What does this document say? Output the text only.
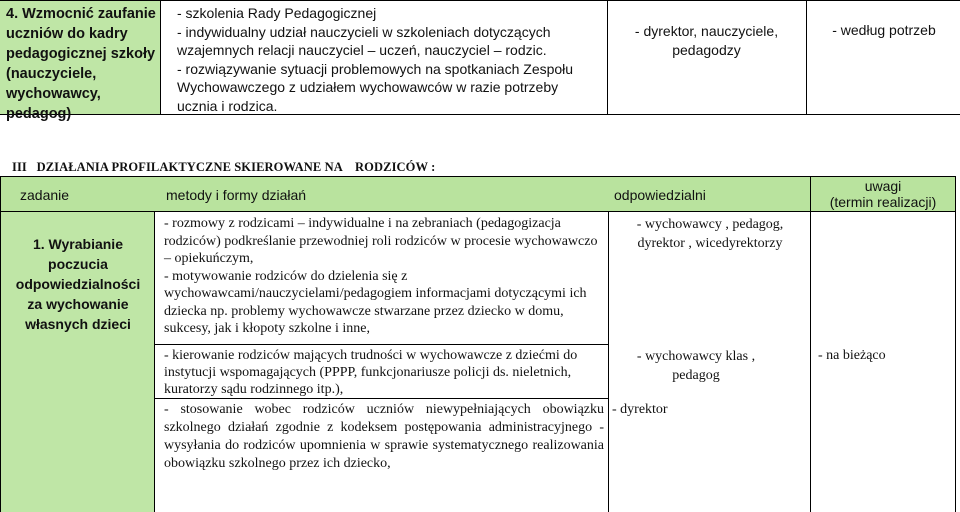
4. Wzmocnić zaufanie uczniów do kadry pedagogicznej szkoły (nauczyciele, wychowawcy, pedagog)
- szkolenia Rady Pedagogicznej
- indywidualny udział nauczycieli w szkoleniach dotyczących
wzajemnych relacji nauczyciel – uczeń, nauczyciel – rodzic.
- rozwiązywanie sytuacji problemowych na spotkaniach Zespołu
Wychowawczego z udziałem wychowawców w razie potrzeby
uczniа i rodzica.
- dyrektor, nauczyciele, pedagodzy
- według potrzeb
III   DZIAŁANIA PROFILAKTYCZNE SKIEROWANE NA    RODZICÓW :
zadanie	metody i formy działań	odpowiedzialni
uwagi
(termin realizacji)
1. Wyrabianie poczucia odpowiedzialności za wychowanie własnych dzieci
- rozmowy z rodzicami – indywidualne i na zebraniach (pedagogizacja rodziców) podkreślanie przewodniej roli rodziców w procesie wychowawczo – opiekuńczym,
- motywowanie rodziców do dzielenia się z wychowawcami/nauczycielami/pedagogiem informacjami dotyczącymi ich dziecka np. problemy wychowawcze stwarzane przez dziecko w domu, sukcesy, jak i kłopoty szkolne i inne,
- wychowawcy , pedagog, dyrektor , wicedyrektorzy
- kierowanie rodziców mających trudności w wychowawcze z dziećmi do instytucji wspomagających (PPPP, funkcjonariusze policji ds. nieletnich, kuratorzy sądu rodzinnego itp.),
- wychowawcy klas , pedagog
- na bieżąco
- stosowanie wobec rodziców uczniów niewypełniających obowiązku szkolnego działań zgodnie z kodeksem postępowania administracyjnego - wysyłania do rodziców upomnienia w sprawie systematycznego realizowania obowiązku szkolnego przez ich dziecko,
- dyrektor
